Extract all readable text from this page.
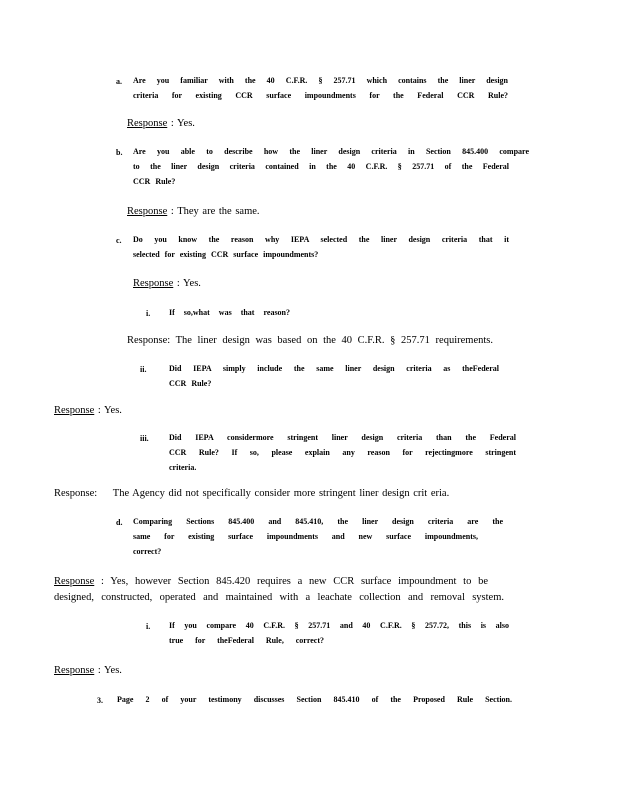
a. Are you familiar with the 40 C.F.R. § 257.71 which contains the liner design
criteria for existing CCR surface impoundments for the Federal CCR Rule?
Response : Yes.
b. Are you able to describe how the liner design criteria in Section 845.400 compare
to the liner design criteria contained in the 40 C.F.R. § 257.71 of the Federal
CCR Rule?
Response : They are the same.
c. Do you know the reason why IEPA selected the liner design criteria that it
selected for existing CCR surface impoundments?
Response : Yes.
i. If so,what was that reason?
Response: The liner design was based on the 40 C.F.R. § 257.71 requirements.
ii.	Did IEPA simply include the same liner design criteria as theFederal
CCR Rule?
Response : Yes.
iii.	Did IEPA considermore stringent liner design criteria than the Federal
CCR Rule? If so, please explain any reason for rejectingmore stringent
criteria.
Response: The Agency did not specifically consider more stringent liner design crit eria.
d. Comparing Sections 845.400 and 845.410, the liner design criteria are the
same for existing surface impoundments and new surface impoundments,
correct?
Response : Yes, however Section 845.420 requires a new CCR surface impoundment to be
designed, constructed, operated and maintained with a leachate collection and removal system.
i. If you compare 40 C.F.R. § 257.71 and 40 C.F.R. § 257.72, this is also
true for theFederal Rule, correct?
Response : Yes.
3. Page 2 of your testimony discusses Section 845.410 of the Proposed Rule Section.
